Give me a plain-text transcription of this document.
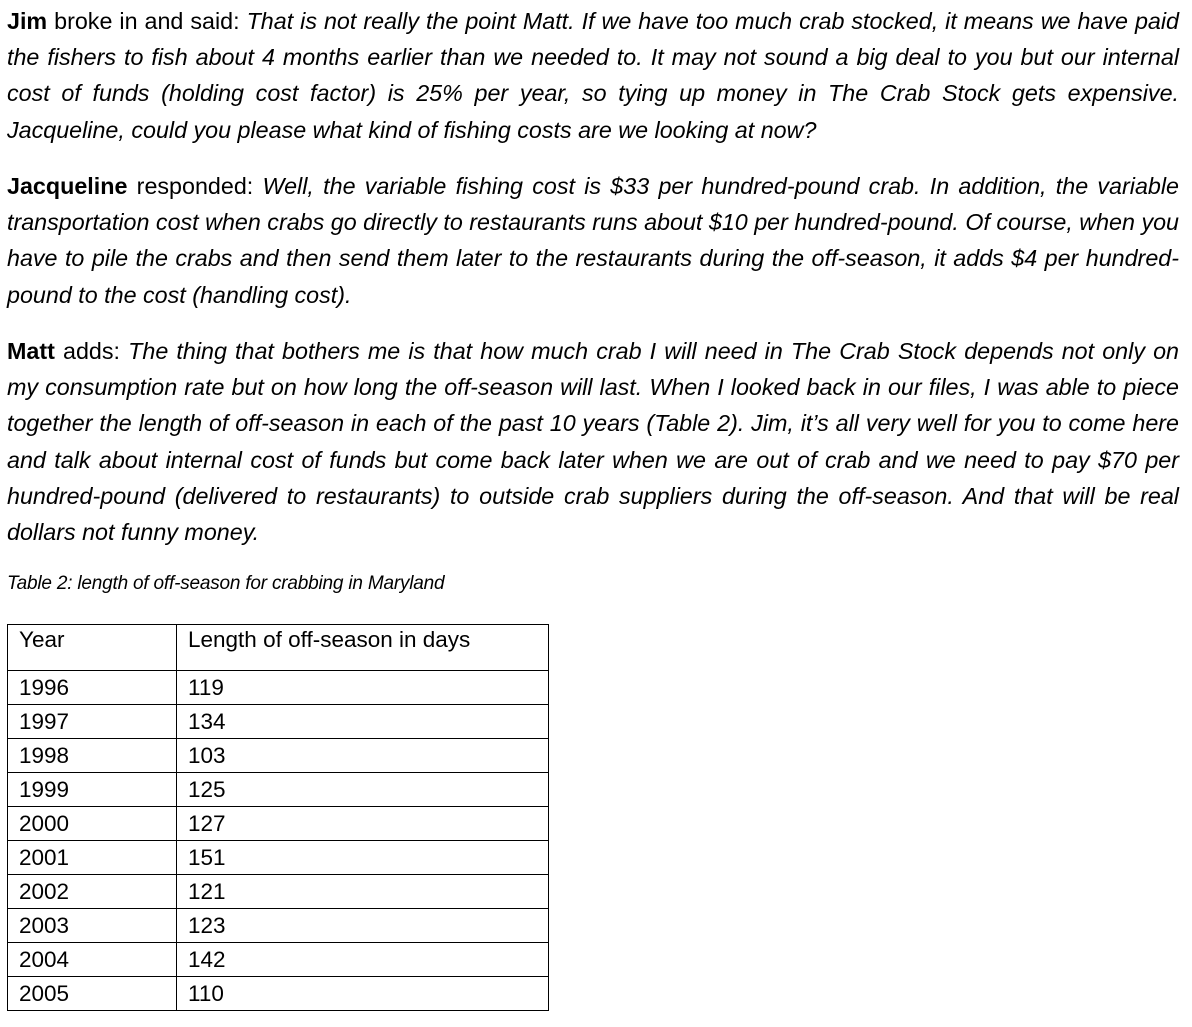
Jim broke in and said: That is not really the point Matt. If we have too much crab stocked, it means we have paid the fishers to fish about 4 months earlier than we needed to. It may not sound a big deal to you but our internal cost of funds (holding cost factor) is 25% per year, so tying up money in The Crab Stock gets expensive. Jacqueline, could you please what kind of fishing costs are we looking at now?

Jacqueline responded: Well, the variable fishing cost is $33 per hundred-pound crab. In addition, the variable transportation cost when crabs go directly to restaurants runs about $10 per hundred-pound. Of course, when you have to pile the crabs and then send them later to the restaurants during the off-season, it adds $4 per hundred-pound to the cost (handling cost).

Matt adds: The thing that bothers me is that how much crab I will need in The Crab Stock depends not only on my consumption rate but on how long the off-season will last. When I looked back in our files, I was able to piece together the length of off-season in each of the past 10 years (Table 2). Jim, it’s all very well for you to come here and talk about internal cost of funds but come back later when we are out of crab and we need to pay $70 per hundred-pound (delivered to restaurants) to outside crab suppliers during the off-season. And that will be real dollars not funny money.

Table 2: length of off-season for crabbing in Maryland
Year	Length of off-season in days
1996	119
1997	134
1998	103
1999	125
2000	127
2001	151
2002	121
2003	123
2004	142
2005	110
